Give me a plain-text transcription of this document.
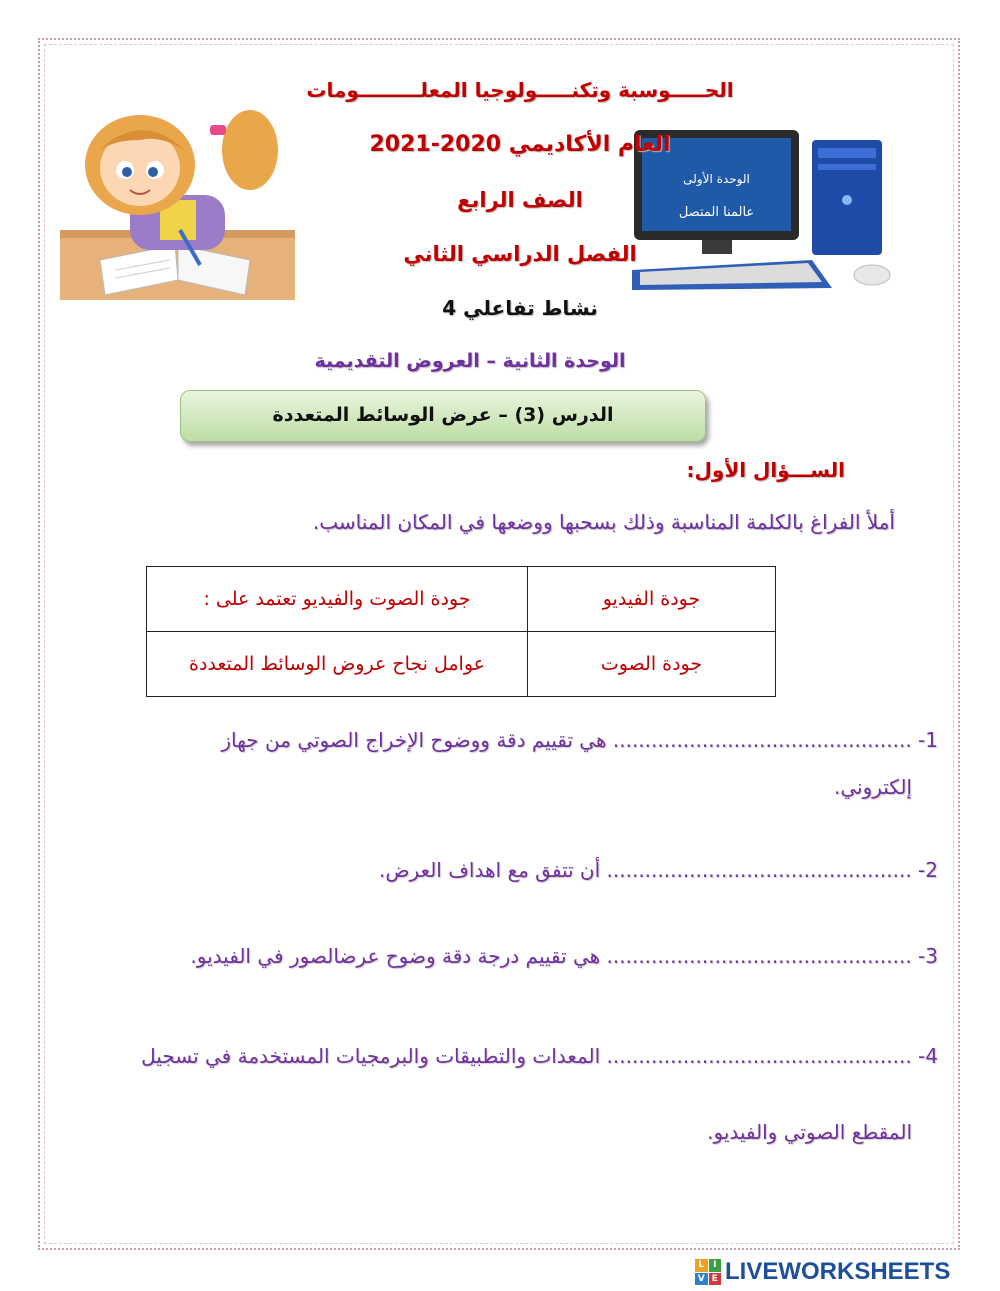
الوحدة الأولى
عالمنا المتصل
الحـــــوسبة وتكنـــــولوجيا المعلـــــــــومات
العام الأكاديمي 2020-2021
الصف الرابع
الفصل الدراسي الثاني
نشاط تفاعلي 4
الوحدة الثانية – العروض التقديمية
الدرس (3) – عرض الوسائط المتعددة
الســـؤال الأول:
أملأ الفراغ بالكلمة المناسبة وذلك بسحبها ووضعها في المكان المناسب.
جودة الفيديو	جودة الصوت والفيديو تعتمد على :
جودة الصوت	عوامل نجاح عروض الوسائط المتعددة
1- ............................................... هي تقييم دقة ووضوح الإخراج الصوتي من جهاز
إلكتروني.
2- ................................................ أن تتفق مع اهداف العرض.
3- ................................................ هي تقييم درجة دقة وضوح عرضالصور في الفيديو.
4- ................................................ المعدات والتطبيقات والبرمجيات المستخدمة في تسجيل
المقطع الصوتي والفيديو.
L I
V E LIVEWORKSHEETS
